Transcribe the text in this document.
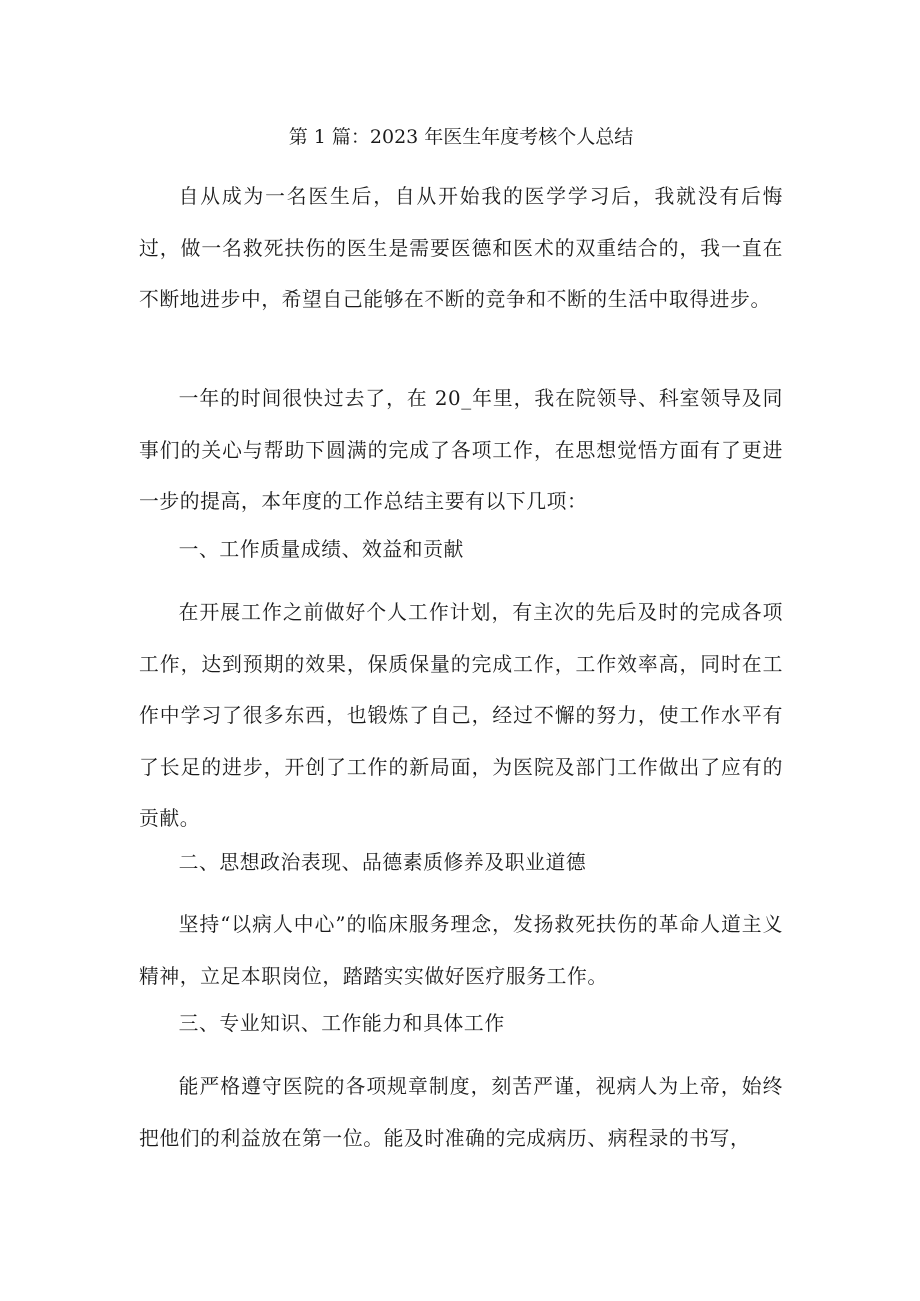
第 1 篇：2023 年医生年度考核个人总结

自从成为一名医生后，自从开始我的医学学习后，我就没有后悔过，做一名救死扶伤的医生是需要医德和医术的双重结合的，我一直在不断地进步中，希望自己能够在不断的竞争和不断的生活中取得进步。

一年的时间很快过去了，在 20_年里，我在院领导、科室领导及同事们的关心与帮助下圆满的完成了各项工作，在思想觉悟方面有了更进一步的提高，本年度的工作总结主要有以下几项：

一、工作质量成绩、效益和贡献

在开展工作之前做好个人工作计划，有主次的先后及时的完成各项工作，达到预期的效果，保质保量的完成工作，工作效率高，同时在工作中学习了很多东西，也锻炼了自己，经过不懈的努力，使工作水平有了长足的进步，开创了工作的新局面，为医院及部门工作做出了应有的贡献。

二、思想政治表现、品德素质修养及职业道德

坚持“以病人中心”的临床服务理念，发扬救死扶伤的革命人道主义精神，立足本职岗位，踏踏实实做好医疗服务工作。

三、专业知识、工作能力和具体工作

能严格遵守医院的各项规章制度，刻苦严谨，视病人为上帝，始终把他们的利益放在第一位。能及时准确的完成病历、病程录的书写，
